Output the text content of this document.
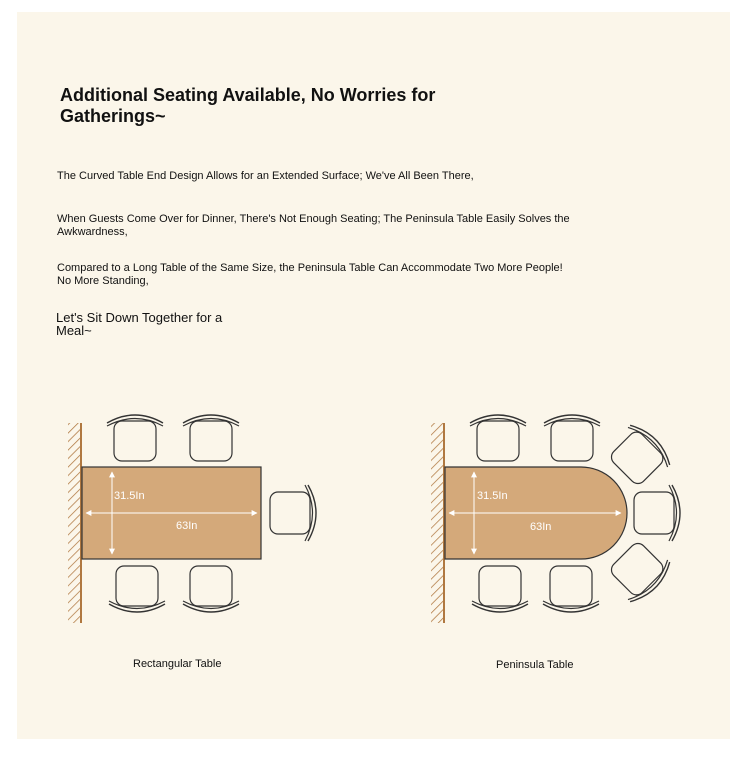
Additional Seating Available, No Worries for Gatherings~
The Curved Table End Design Allows for an Extended Surface; We've All Been There,
When Guests Come Over for Dinner, There's Not Enough Seating; The Peninsula Table Easily Solves the Awkwardness,
Compared to a Long Table of the Same Size, the Peninsula Table Can Accommodate Two More People! No More Standing,
Let's Sit Down Together for a Meal~
31.5In
63In
31.5In
63In
Rectangular Table	Peninsula Table
